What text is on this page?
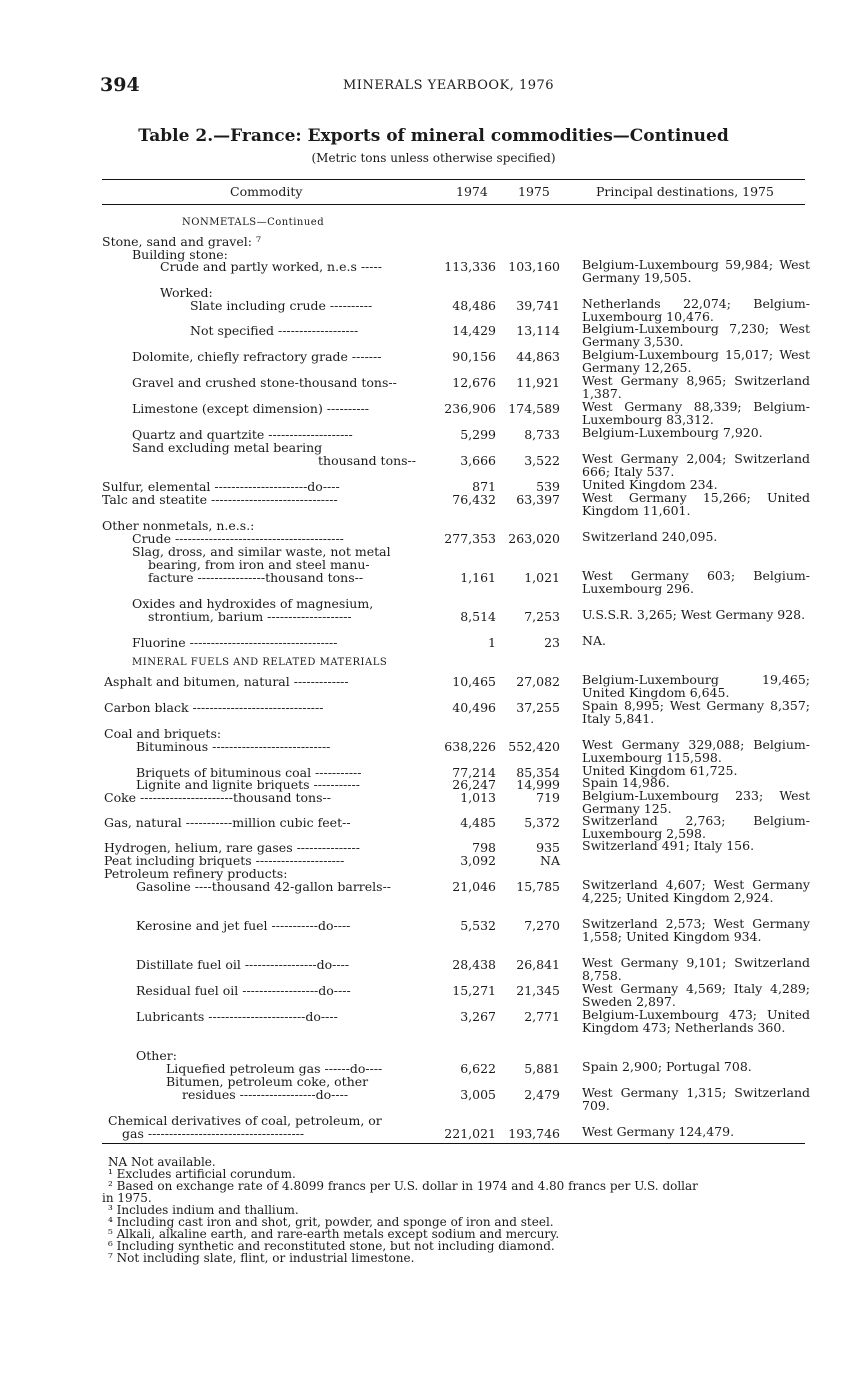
394	MINERALS YEARBOOK, 1976
Table 2.—France: Exports of mineral commodities—Continued
(Metric tons unless otherwise specified)
Commodity	1974 1975	Principal destinations, 1975
NONMETALS—Continued
Stone, sand and gravel: ⁷
Building stone:
Crude and partly worked, n.e.s -----	113,336 103,160 Belgium-Luxembourg 59,984; West Germany 19,505.
Worked:
Slate including crude ----------	48,486	39,741 Netherlands 22,074; Belgium-Luxembourg 10,476.
Not specified -------------------	14,429	13,114 Belgium-Luxembourg 7,230; West Germany 3,530.
Dolomite, chiefly refractory grade -------	90,156	44,863 Belgium-Luxembourg 15,017; West Germany 12,265.
Gravel and crushed stone-thousand tons--	12,676	11,921 West Germany 8,965; Switzerland 1,387.
Limestone (except dimension) ----------	236,906 174,589 West Germany 88,339; Belgium-Luxembourg 83,312.
Quartz and quartzite --------------------	5,299	8,733 Belgium-Luxembourg 7,920.
Sand excluding metal bearing
thousand tons--	3,666	3,522 West Germany 2,004; Switzerland 666; Italy 537.
Sulfur, elemental ----------------------do----	871	539 United Kingdom 234.
Talc and steatite ------------------------------	76,432	63,397 West Germany 15,266; United Kingdom 11,601.
Other nonmetals, n.e.s.:
Crude ----------------------------------------	277,353 263,020 Switzerland 240,095.
Slag, dross, and similar waste, not metal
bearing, from iron and steel manu-
facture ----------------thousand tons--	1,161	1,021 West Germany 603; Belgium-Luxembourg 296.
Oxides and hydroxides of magnesium,
strontium, barium --------------------	8,514	7,253 U.S.S.R. 3,265; West Germany 928.
Fluorine -----------------------------------	1	23 NA.
MINERAL FUELS AND RELATED MATERIALS
Asphalt and bitumen, natural -------------	10,465	27,082 Belgium-Luxembourg 19,465; United Kingdom 6,645.
Carbon black -------------------------------	40,496	37,255 Spain 8,995; West Germany 8,357; Italy 5,841.
Coal and briquets:
Bituminous ----------------------------	638,226 552,420 West Germany 329,088; Belgium-Luxembourg 115,598.
Briquets of bituminous coal -----------	77,214	85,354 United Kingdom 61,725.
Lignite and lignite briquets -----------	26,247	14,999 Spain 14,986.
Coke ----------------------thousand tons--	1,013	719 Belgium-Luxembourg 233; West Germany 125.
Gas, natural -----------million cubic feet--	4,485	5,372 Switzerland 2,763; Belgium-Luxembourg 2,598.
Hydrogen, helium, rare gases ---------------	798	935 Switzerland 491; Italy 156.
Peat including briquets ---------------------	3,092	NA
Petroleum refinery products:
Gasoline ----thousand 42-gallon barrels--	21,046	15,785 Switzerland 4,607; West Germany 4,225; United Kingdom 2,924.
Kerosine and jet fuel -----------do----	5,532	7,270 Switzerland 2,573; West Germany 1,558; United Kingdom 934.
Distillate fuel oil -----------------do----	28,438	26,841 West Germany 9,101; Switzerland 8,758.
Residual fuel oil ------------------do----	15,271	21,345 West Germany 4,569; Italy 4,289; Sweden 2,897.
Lubricants -----------------------do----	3,267	2,771 Belgium-Luxembourg 473; United Kingdom 473; Netherlands 360.
Other:
Liquefied petroleum gas ------do----	6,622	5,881 Spain 2,900; Portugal 708.
Bitumen, petroleum coke, other
residues ------------------do----	3,005	2,479 West Germany 1,315; Switzerland 709.
Chemical derivatives of coal, petroleum, or
gas -------------------------------------	221,021 193,746 West Germany 124,479.
NA Not available.
¹ Excludes artificial corundum.
² Based on exchange rate of 4.8099 francs per U.S. dollar in 1974 and 4.80 francs per U.S. dollar
in 1975.
³ Includes indium and thallium.
⁴ Including cast iron and shot, grit, powder, and sponge of iron and steel.
⁵ Alkali, alkaline earth, and rare-earth metals except sodium and mercury.
⁶ Including synthetic and reconstituted stone, but not including diamond.
⁷ Not including slate, flint, or industrial limestone.
